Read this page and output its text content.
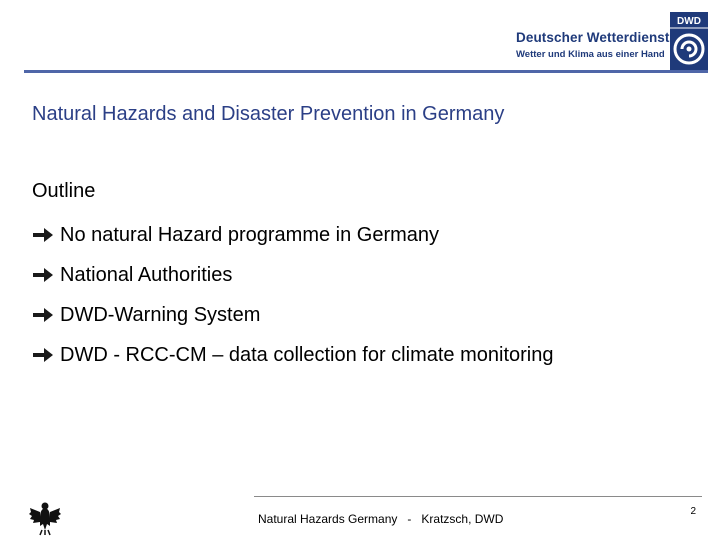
Deutscher Wetterdienst
Wetter und Klima aus einer Hand
DWD
Natural Hazards and Disaster Prevention in Germany
Outline
No natural Hazard programme in Germany
National Authorities
DWD-Warning System
DWD - RCC-CM – data collection for climate monitoring
Natural Hazards Germany - Kratzsch, DWD
2
